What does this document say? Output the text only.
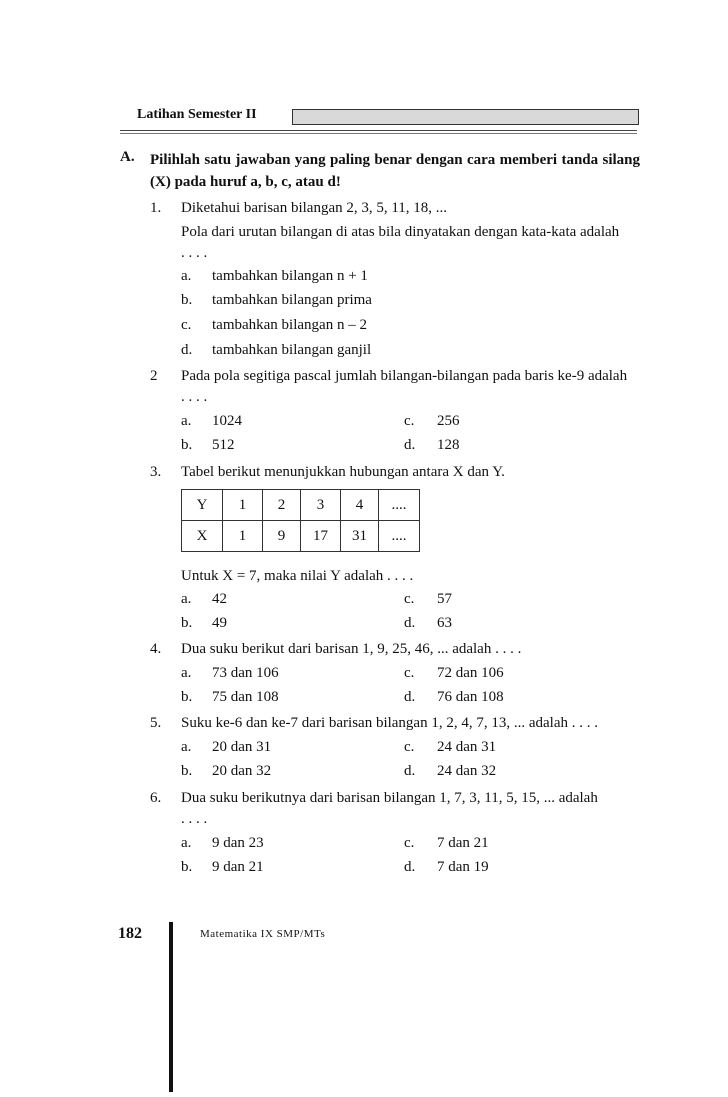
Latihan Semester II
A. Pilihlah satu jawaban yang paling benar dengan cara memberi tanda silang (X) pada huruf a, b, c, atau d!
1. Diketahui barisan bilangan 2, 3, 5, 11, 18, ...
Pola dari urutan bilangan di atas bila dinyatakan dengan kata-kata adalah
. . . .
a. tambahkan bilangan n + 1
b. tambahkan bilangan prima
c. tambahkan bilangan n – 2
d. tambahkan bilangan ganjil
2 Pada pola segitiga pascal jumlah bilangan-bilangan pada baris ke-9 adalah
. . . .
a. 1024	c. 256
b. 512	d. 128
3. Tabel berikut menunjukkan hubungan antara X dan Y.
Y	1	2	3	4	....
X	1	9	17	31	....
Untuk X = 7, maka nilai Y adalah . . . .
a. 42	c. 57
b. 49	d. 63
4. Dua suku berikut dari barisan 1, 9, 25, 46, ... adalah . . . .
a. 73 dan 106	c. 72 dan 106
b. 75 dan 108	d. 76 dan 108
5. Suku ke-6 dan ke-7 dari barisan bilangan 1, 2, 4, 7, 13, ... adalah . . . .
a. 20 dan 31	c. 24 dan 31
b. 20 dan 32	d. 24 dan 32
6. Dua suku berikutnya dari barisan bilangan 1, 7, 3, 11, 5, 15, ... adalah
. . . .
a. 9 dan 23	c. 7 dan 21
b. 9 dan 21	d. 7 dan 19
182	Matematika IX SMP/MTs
